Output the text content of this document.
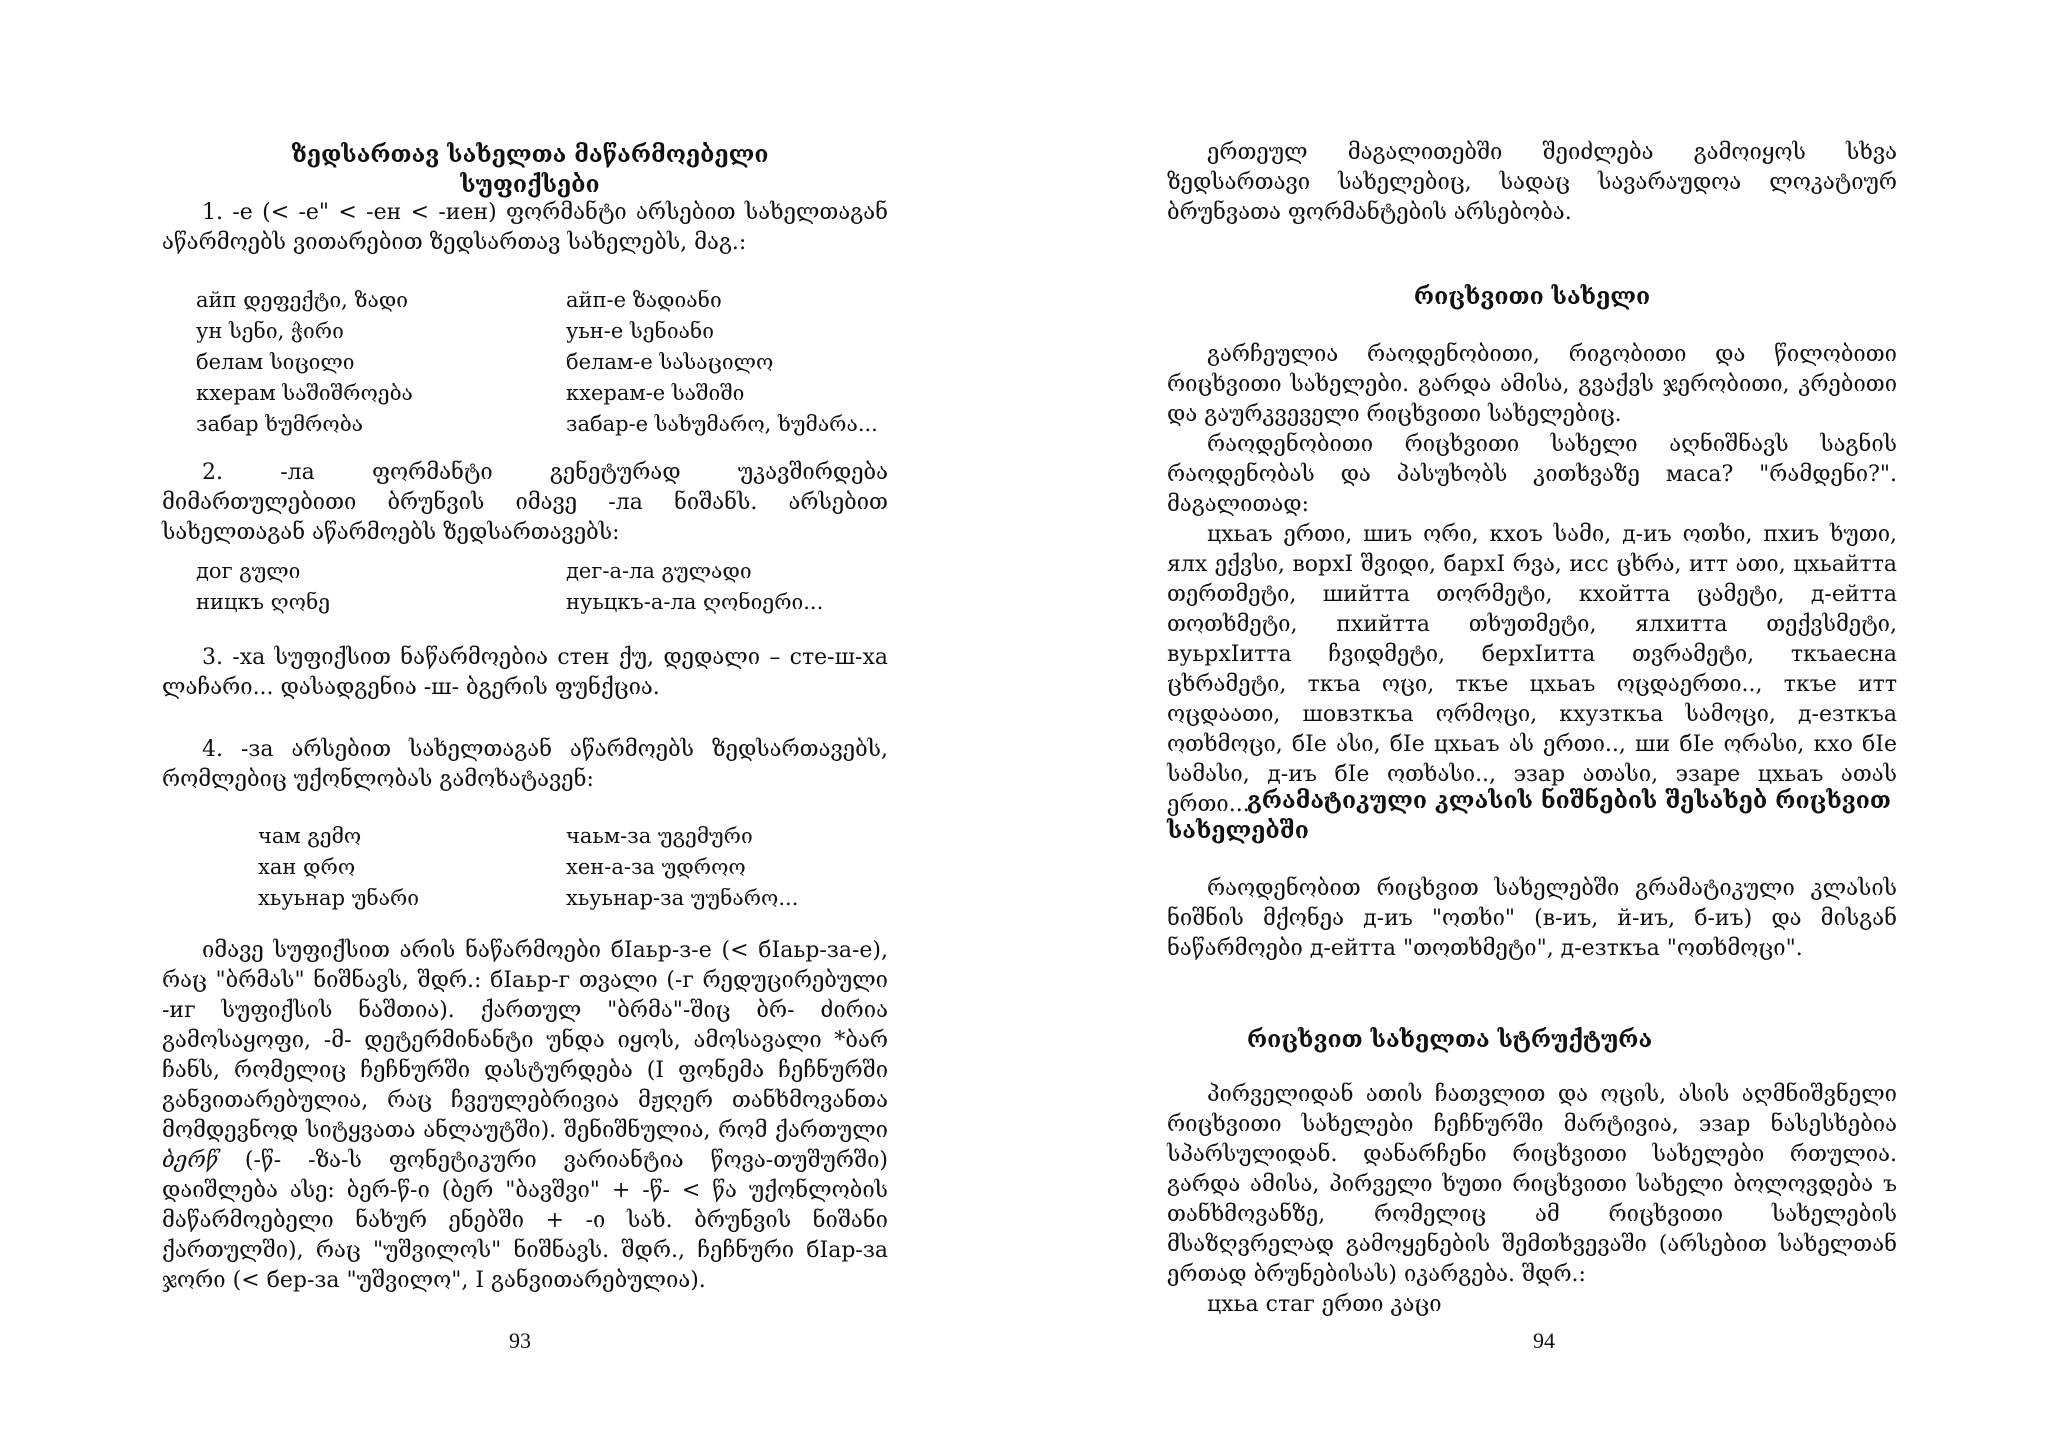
ზედსართავ სახელთა მაწარმოებელი სუფიქსები

1. -е (< -е" < -ен < -иен) ფორმანტი არსებით სახელთაგან აწარმოებს ვითარებით ზედსართავ სახელებს, მაგ.:

айп დეფექტი, ზადი	айп-е ზადიანი
ун სენი, ჭირი	уьн-е სენიანი
белам სიცილი	белам-е სასაცილო
кхерам საშიშროება	кхерам-е საშიში
забар ხუმრობა	забар-е სახუმარო, ხუმარა...

2. -ла ფორმანტი გენეტურად უკავშირდება მიმართულებითი ბრუნვის იმავე -ла ნიშანს. არსებით სახელთაგან აწარმოებს ზედსართავებს:

дог გული	дег-а-ла გულადი
ницкъ ღონე	нуьцкъ-а-ла ღონიერი...

3. -ха სუფიქსით ნაწარმოებია стен ქუ, დედალი – сте-ш-ха ლაჩარი... დასადგენია -ш- ბგერის ფუნქცია.

4. -за არსებით სახელთაგან აწარმოებს ზედსართავებს, რომლებიც უქონლობას გამოხატავენ:

чам გემო	чаьм-за უგემური
хан დრო	хен-а-за უდროო
хьуьнар უნარი	хьуьнар-за უუნარო...

იმავე სუფიქსით არის ნაწარმოები бIаьр-з-е (< бIаьр-за-е), რაც "ბრმას" ნიშნავს, შდრ.: бIаьр-г თვალი (-г რედუცირებული -иг სუფიქსის ნაშთია). ქართულ "ბრმა"-შიც ბრ- ძირია გამოსაყოფი, -მ- დეტერმინანტი უნდა იყოს, ამოსავალი *ბარ ჩანს, რომელიც ჩეჩნურში დასტურდება (I ფონემა ჩეჩნურში განვითარებულია, რაც ჩვეულებრივია მჟღერ თანხმოვანთა მომდევნოდ სიტყვათა ანლაუტში). შენიშნულია, რომ ქართული ბერწ (-წ- -ზა-ს ფონეტიკური ვარიანტია წოვა-თუშურში) დაიშლება ასე: ბერ-წ-ი (ბერ "ბავშვი" + -წ- < წა უქონლობის მაწარმოებელი ნახურ ენებში + -ი სახ. ბრუნვის ნიშანი ქართულში), რაც "უშვილოს" ნიშნავს. შდრ., ჩეჩნური бIар-за ჯორი (< бер-за "უშვილო", I განვითარებულია).

93

ერთეულ მაგალითებში შეიძლება გამოიყოს სხვა ზედსართავი სახელებიც, სადაც სავარაუდოა ლოკატიურ ბრუნვათა ფორმანტების არსებობა.

რიცხვითი სახელი

გარჩეულია რაოდენობითი, რიგობითი და წილობითი რიცხვითი სახელები. გარდა ამისა, გვაქვს ჯერობითი, კრებითი და გაურკვეველი რიცხვითი სახელებიც.

რაოდენობითი რიცხვითი სახელი აღნიშნავს საგნის რაოდენობას და პასუხობს კითხვაზე маса? "რამდენი?". მაგალითად:

цхьаъ ერთი, шиъ ორი, кхоъ სამი, д-иъ ოთხი, пхиъ ხუთი, ялх ექვსი, ворхI შვიდი, бархI რვა, исс ცხრა, итт ათი, цхьайтта თერთმეტი, шийтта თორმეტი, кхойтта ცამეტი, д-ейтта თოთხმეტი, пхийтта თხუთმეტი, ялхитта თექვსმეტი, вуьрхIитта ჩვიდმეტი, берхIитта თვრამეტი, ткъаесна ცხრამეტი, ткъа ოცი, ткъе цхьаъ ოცდაერთი.., ткъе итт ოცდაათი, шовзткъа ორმოცი, кхузткъа სამოცი, д-езткъа ოთხმოცი, бIе ასი, бIе цхьаъ ას ერთი.., ши бIе ორასი, кхо бIе სამასი, д-иъ бIе ოთხასი.., эзар ათასი, эзаре цхьаъ ათას ერთი...

გრამატიკული კლასის ნიშნების შესახებ რიცხვით სახელებში

რაოდენობით რიცხვით სახელებში გრამატიკული კლასის ნიშნის მქონეა д-иъ "ოთხი" (в-иъ, й-иъ, б-иъ) და მისგან ნაწარმოები д-ейтта "თოთხმეტი", д-езткъа "ოთხმოცი".

რიცხვით სახელთა სტრუქტურა

პირველიდან ათის ჩათვლით და ოცის, ასის აღმნიშვნელი რიცხვითი სახელები ჩეჩნურში მარტივია, эзар ნასესხებია სპარსულიდან. დანარჩენი რიცხვითი სახელები რთულია. გარდა ამისა, პირველი ხუთი რიცხვითი სახელი ბოლოვდება ъ თანხმოვანზე, რომელიც ამ რიცხვითი სახელების მსაზღვრელად გამოყენების შემთხვევაში (არსებით სახელთან ერთად ბრუნებისას) იკარგება. შდრ.:

цхьа стаг ერთი კაცი

94
